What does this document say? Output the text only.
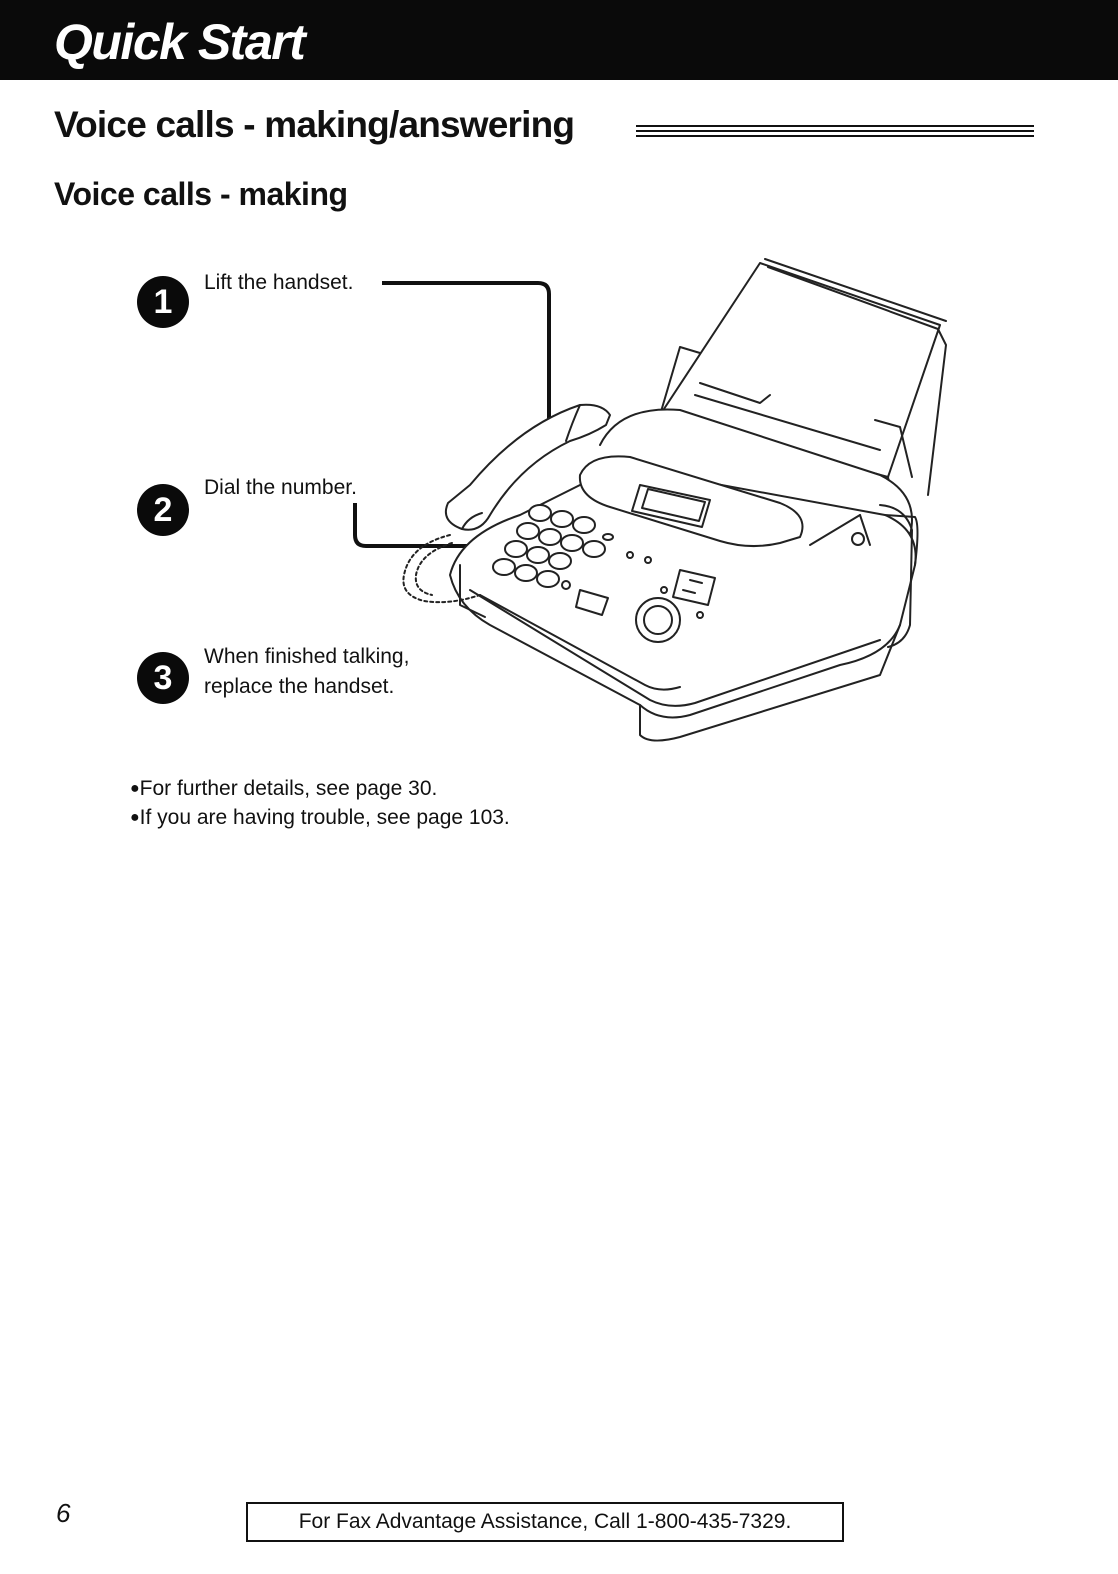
Quick Start
Voice calls - making/answering
Voice calls - making
1
Lift the handset.
2
Dial the number.
3
When finished talking,
replace the handset.
●For further details, see page 30.
●If you are having trouble, see page 103.
6	For Fax Advantage Assistance, Call 1-800-435-7329.
